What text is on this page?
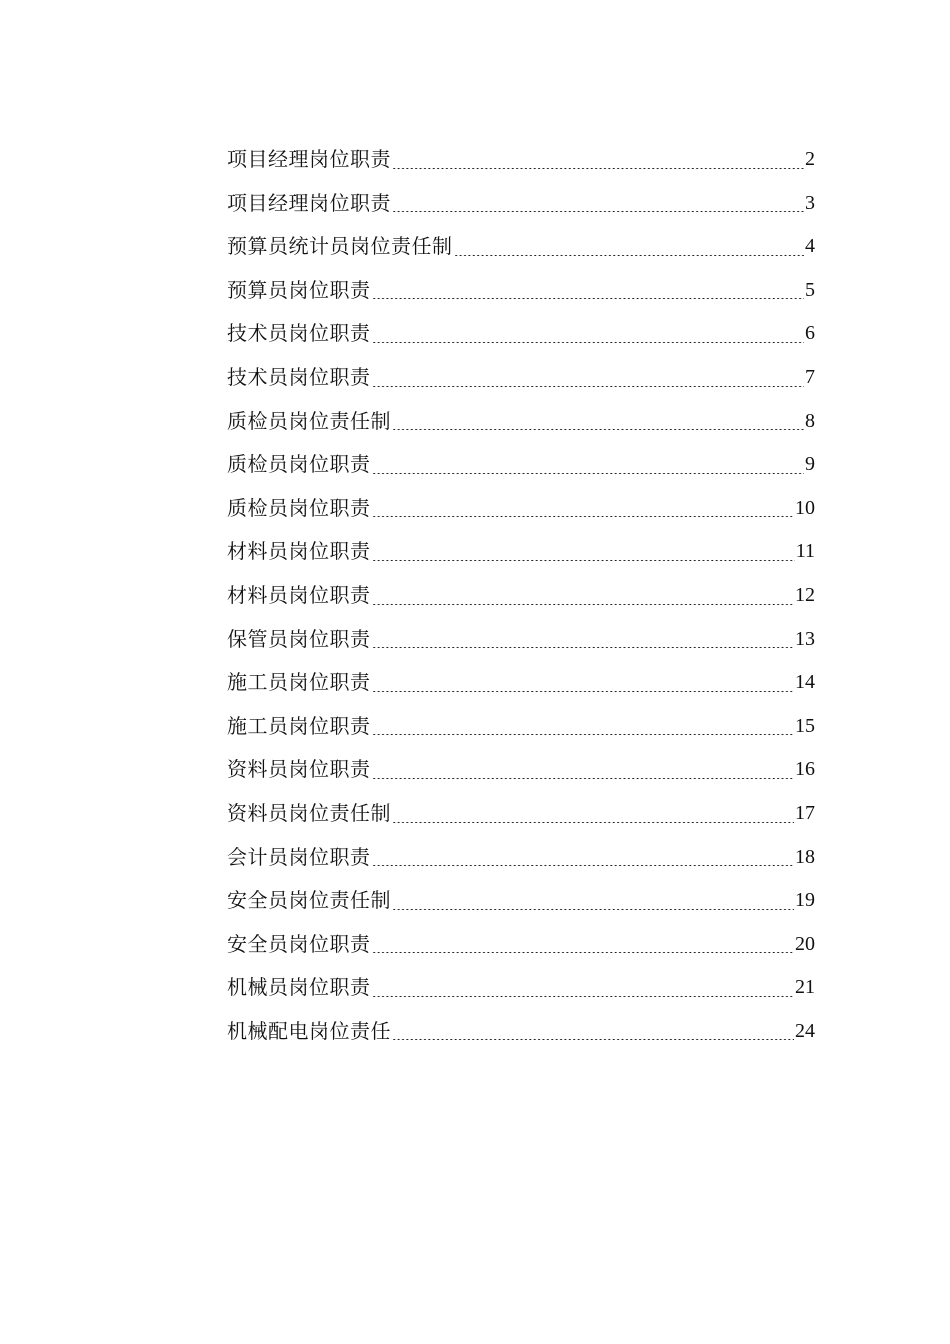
项目经理岗位职责	2
项目经理岗位职责	3
预算员统计员岗位责任制	4
预算员岗位职责	5
技术员岗位职责	6
技术员岗位职责	7
质检员岗位责任制	8
质检员岗位职责	9
质检员岗位职责	10
材料员岗位职责	11
材料员岗位职责	12
保管员岗位职责	13
施工员岗位职责	14
施工员岗位职责	15
资料员岗位职责	16
资料员岗位责任制	17
会计员岗位职责	18
安全员岗位责任制	19
安全员岗位职责	20
机械员岗位职责	21
机械配电岗位责任	24
